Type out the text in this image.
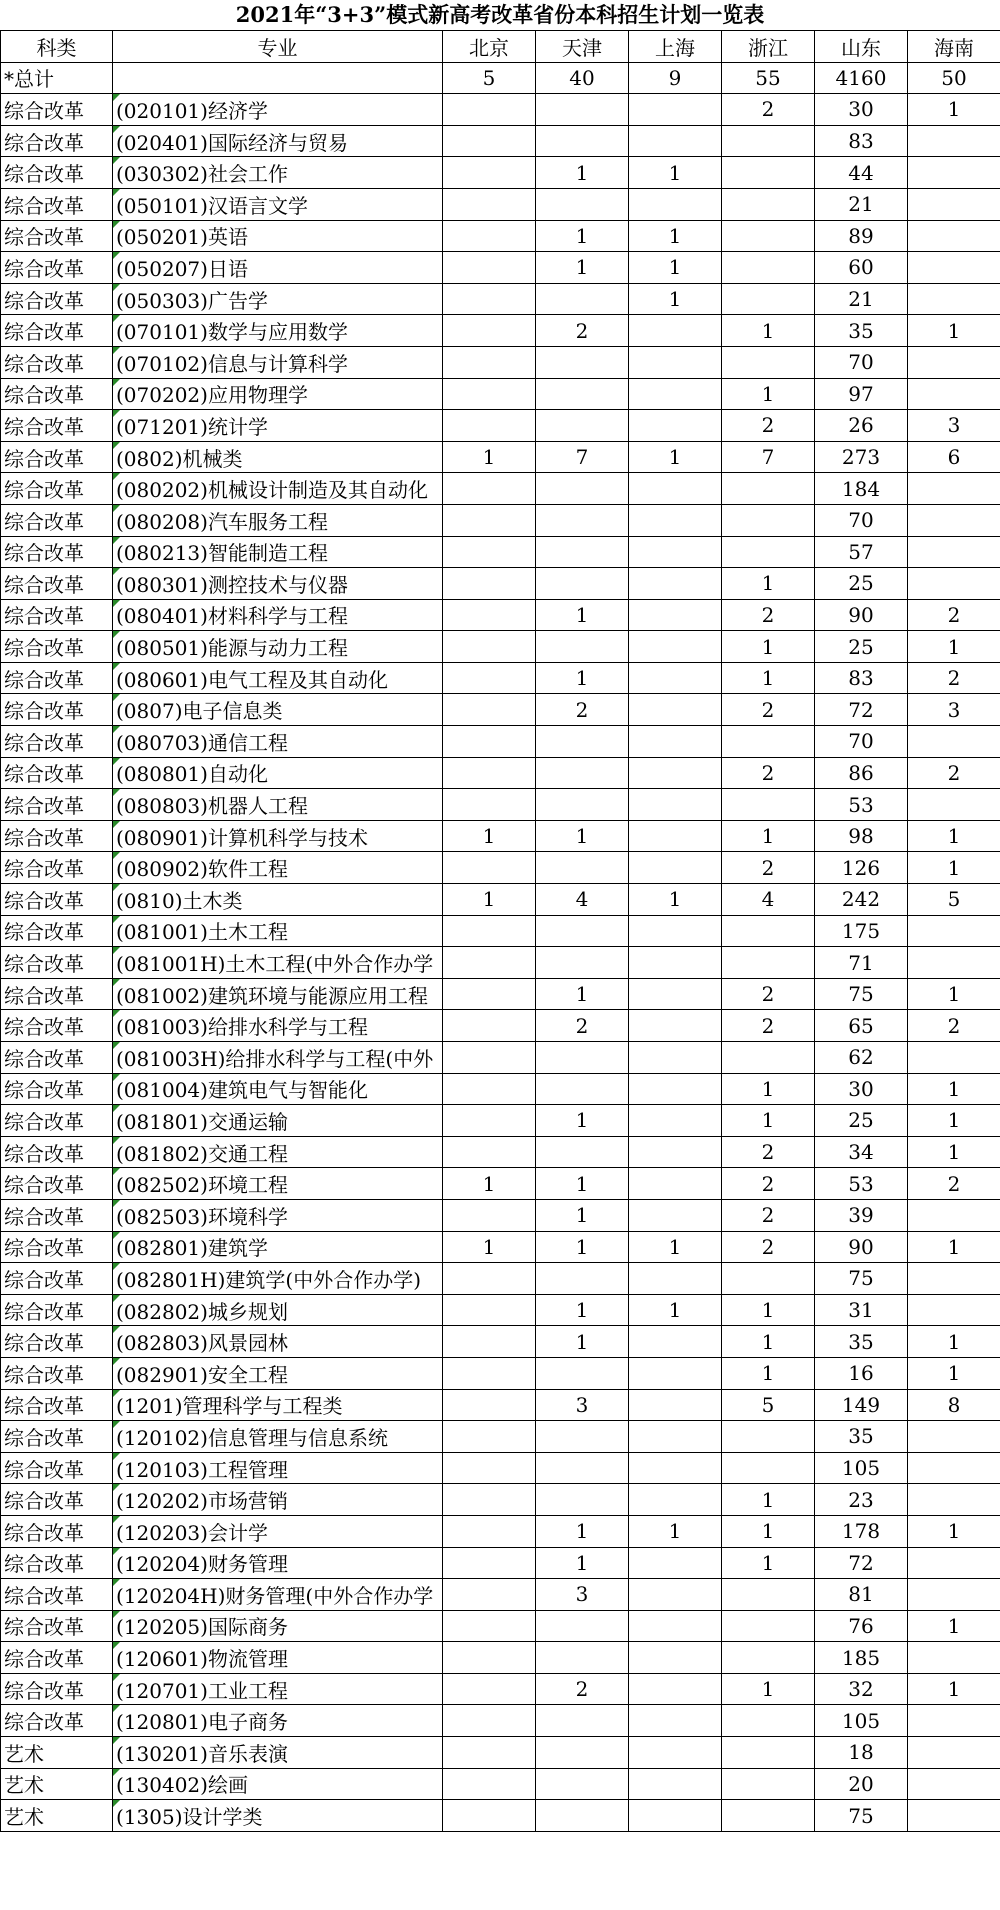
2021年“3+3”模式新高考改革省份本科招生计划一览表
科类	专业	北京	天津	上海	浙江	山东	海南
*总计		5	40	9	55	4160	50
综合改革	(020101)经济学				2	30	1
综合改革	(020401)国际经济与贸易					83	
综合改革	(030302)社会工作		1	1		44	
综合改革	(050101)汉语言文学					21	
综合改革	(050201)英语		1	1		89	
综合改革	(050207)日语		1	1		60	
综合改革	(050303)广告学			1		21	
综合改革	(070101)数学与应用数学		2		1	35	1
综合改革	(070102)信息与计算科学					70	
综合改革	(070202)应用物理学				1	97	
综合改革	(071201)统计学				2	26	3
综合改革	(0802)机械类	1	7	1	7	273	6
综合改革	(080202)机械设计制造及其自动化					184	
综合改革	(080208)汽车服务工程					70	
综合改革	(080213)智能制造工程					57	
综合改革	(080301)测控技术与仪器				1	25	
综合改革	(080401)材料科学与工程		1		2	90	2
综合改革	(080501)能源与动力工程				1	25	1
综合改革	(080601)电气工程及其自动化		1		1	83	2
综合改革	(0807)电子信息类		2		2	72	3
综合改革	(080703)通信工程					70	
综合改革	(080801)自动化				2	86	2
综合改革	(080803)机器人工程					53	
综合改革	(080901)计算机科学与技术	1	1		1	98	1
综合改革	(080902)软件工程				2	126	1
综合改革	(0810)土木类	1	4	1	4	242	5
综合改革	(081001)土木工程					175	
综合改革	(081001H)土木工程(中外合作办学					71	
综合改革	(081002)建筑环境与能源应用工程		1		2	75	1
综合改革	(081003)给排水科学与工程		2		2	65	2
综合改革	(081003H)给排水科学与工程(中外					62	
综合改革	(081004)建筑电气与智能化				1	30	1
综合改革	(081801)交通运输		1		1	25	1
综合改革	(081802)交通工程				2	34	1
综合改革	(082502)环境工程	1	1		2	53	2
综合改革	(082503)环境科学		1		2	39	
综合改革	(082801)建筑学	1	1	1	2	90	1
综合改革	(082801H)建筑学(中外合作办学)					75	
综合改革	(082802)城乡规划		1	1	1	31	
综合改革	(082803)风景园林		1		1	35	1
综合改革	(082901)安全工程				1	16	1
综合改革	(1201)管理科学与工程类		3		5	149	8
综合改革	(120102)信息管理与信息系统					35	
综合改革	(120103)工程管理					105	
综合改革	(120202)市场营销				1	23	
综合改革	(120203)会计学		1	1	1	178	1
综合改革	(120204)财务管理		1		1	72	
综合改革	(120204H)财务管理(中外合作办学		3			81	
综合改革	(120205)国际商务					76	1
综合改革	(120601)物流管理					185	
综合改革	(120701)工业工程		2		1	32	1
综合改革	(120801)电子商务					105	
艺术	(130201)音乐表演					18	
艺术	(130402)绘画					20	
艺术	(1305)设计学类					75	
